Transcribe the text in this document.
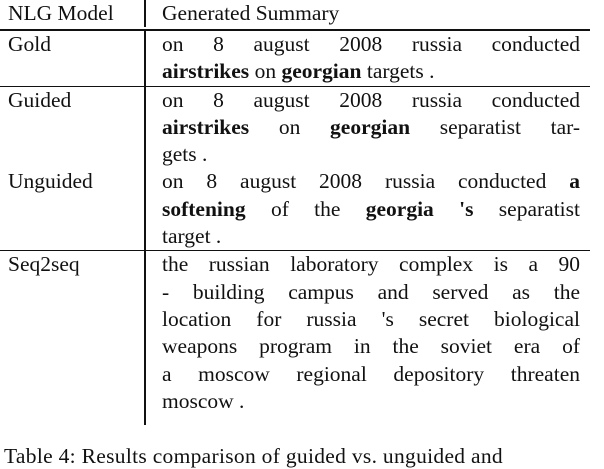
NLG Model	Generated Summary
Gold	on 8 august 2008 russia conducted
airstrikes on georgian targets .
Guided	on 8 august 2008 russia conducted
airstrikes on georgian separatist tar-
gets .
Unguided	on 8 august 2008 russia conducted a
softening of the georgia 's separatist
target .
Seq2seq	the russian laboratory complex is a 90
- building campus and served as the
location for russia 's secret biological
weapons program in the soviet era of
a moscow regional depository threaten
moscow .
Table 4: Results comparison of guided vs. unguided and
